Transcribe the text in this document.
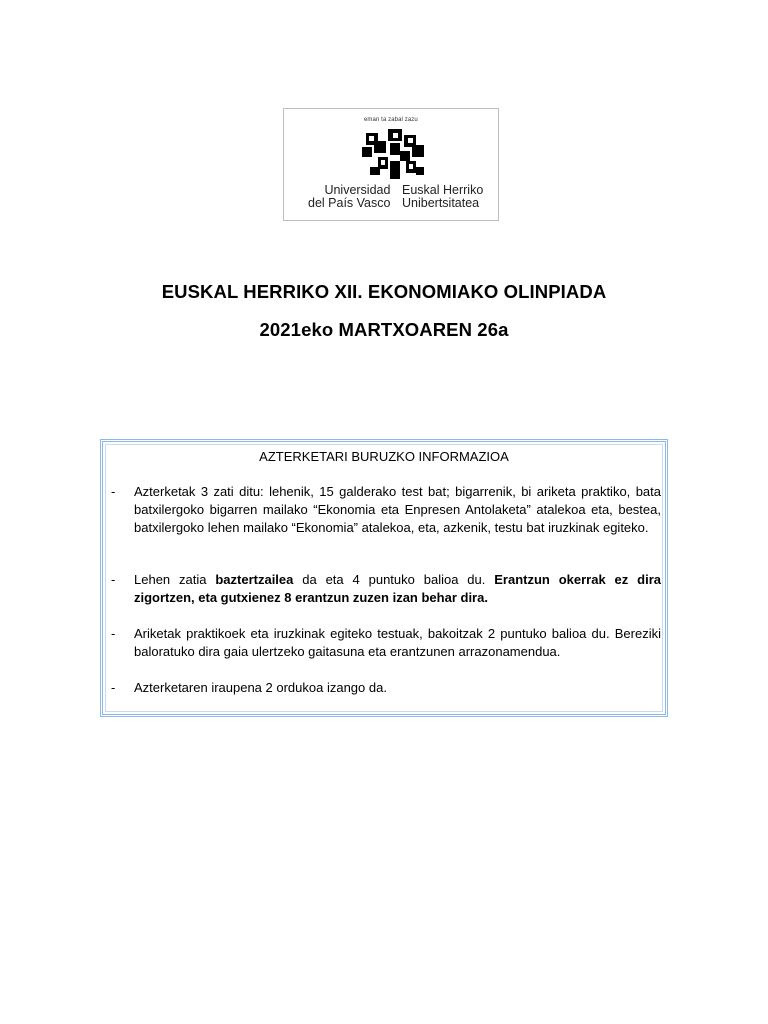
eman ta zabal zazu
Universidad
del País Vasco
Euskal Herriko
Unibertsitatea
EUSKAL HERRIKO XII. EKONOMIAKO OLINPIADA
2021eko MARTXOAREN 26a
AZTERKETARI BURUZKO INFORMAZIOA
- Azterketak 3 zati ditu: lehenik, 15 galderako test bat; bigarrenik, bi ariketa praktiko, bata batxilergoko bigarren mailako “Ekonomia eta Enpresen Antolaketa” atalekoa eta, bestea, batxilergoko lehen mailako “Ekonomia” atalekoa, eta, azkenik, testu bat iruzkinak egiteko.
- Lehen zatia baztertzailea da eta 4 puntuko balioa du. Erantzun okerrak ez dira zigortzen, eta gutxienez 8 erantzun zuzen izan behar dira.
- Ariketak praktikoek eta iruzkinak egiteko testuak, bakoitzak 2 puntuko balioa du. Bereziki baloratuko dira gaia ulertzeko gaitasuna eta erantzunen arrazonamendua.
- Azterketaren iraupena 2 ordukoa izango da.
